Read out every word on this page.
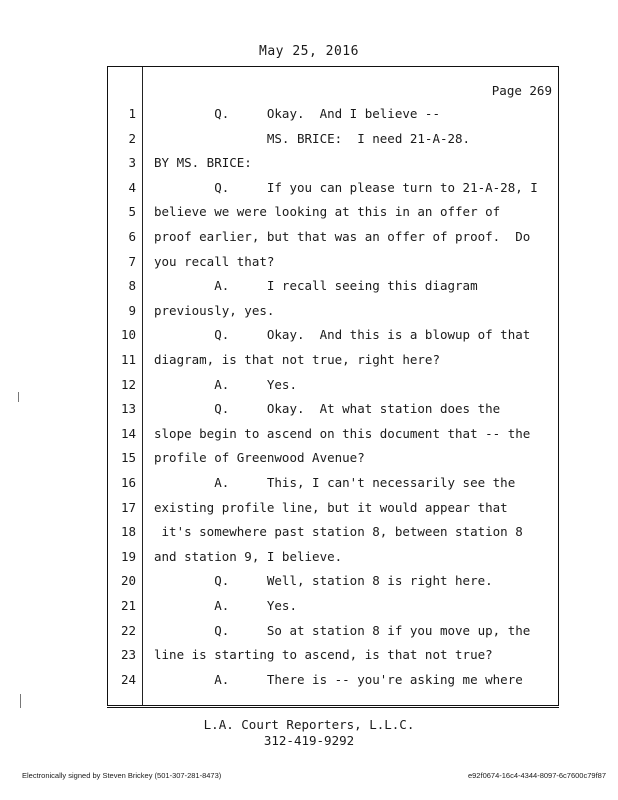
May 25, 2016
Page 269
1 Q.     Okay.  And I believe --
2 MS. BRICE:  I need 21-A-28.
3 BY MS. BRICE:
4 Q.     If you can please turn to 21-A-28, I
5 believe we were looking at this in an offer of
6 proof earlier, but that was an offer of proof.  Do
7 you recall that?
8 A.     I recall seeing this diagram
9 previously, yes.
10 Q.     Okay.  And this is a blowup of that
11 diagram, is that not true, right here?
12 A.     Yes.
13 Q.     Okay.  At what station does the
14 slope begin to ascend on this document that -- the
15 profile of Greenwood Avenue?
16 A.     This, I can't necessarily see the
17 existing profile line, but it would appear that
18 it's somewhere past station 8, between station 8
19 and station 9, I believe.
20 Q.     Well, station 8 is right here.
21 A.     Yes.
22 Q.     So at station 8 if you move up, the
23 line is starting to ascend, is that not true?
24 A.     There is -- you're asking me where
L.A. Court Reporters, L.L.C.
312-419-9292
Electronically signed by Steven Brickey (501-307-281-8473)	e92f0674-16c4-4344-8097-6c7600c79f87
